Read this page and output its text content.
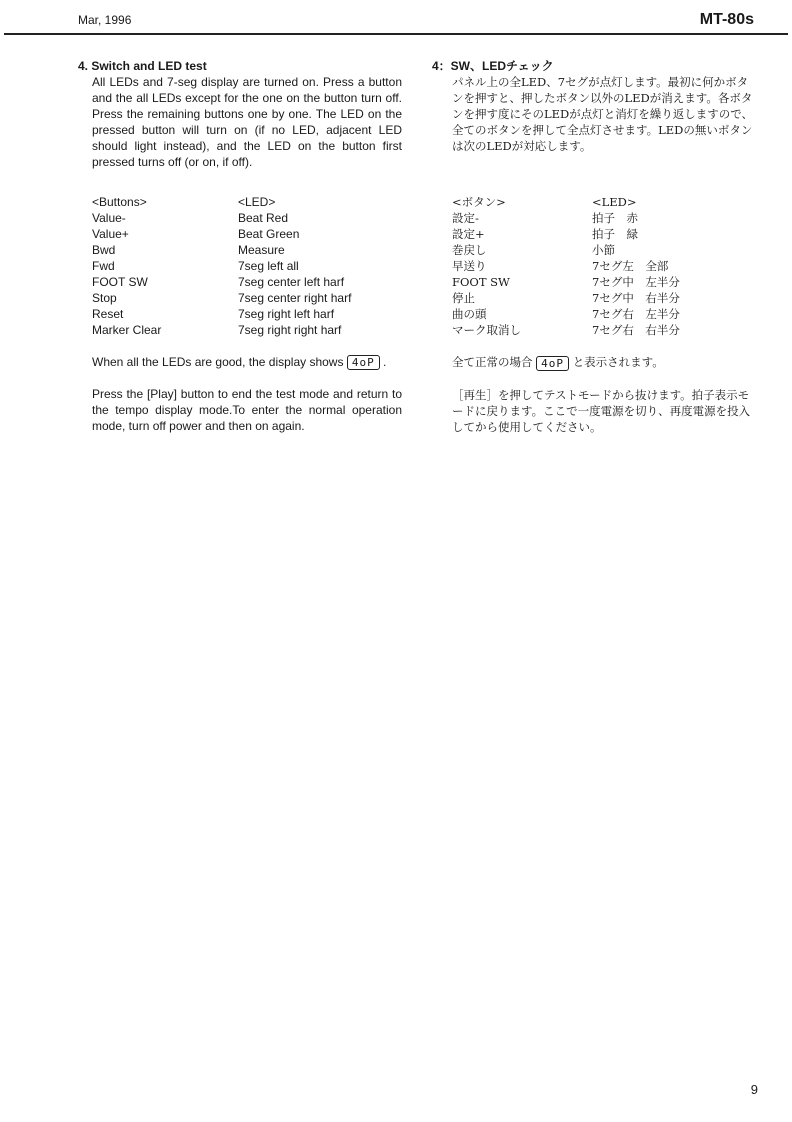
Mar, 1996	MT-80s

4. Switch and LED test

All LEDs and 7-seg display are turned on. Press a button and the all LEDs except for the one on the button turn off. Press the remaining buttons one by one. The LED on the pressed button will turn on (if no LED, adjacent LED should light instead), and the LED on the button first pressed turns off (or on, if off).

<Buttons>	<LED>
Value-	Beat Red
Value+	Beat Green
Bwd	Measure
Fwd	7seg left all
FOOT SW	7seg center left harf
Stop	7seg center right harf
Reset	7seg right left harf
Marker Clear	7seg right right harf

When all the LEDs are good, the display shows 4oP .

Press the [Play] button to end the test mode and return to the tempo display mode.To enter the normal operation mode, turn off power and then on again.

4：SW、LEDチェック

パネル上の全LED、7セグが点灯します。最初に何かボタンを押すと、押したボタン以外のLEDが消えます。各ボタンを押す度にそのLEDが点灯と消灯を繰り返しますので、全てのボタンを押して全点灯させます。LEDの無いボタンは次のLEDが対応します。

<ボタン>	<LED>
設定-	拍子　赤
設定+	拍子　緑
巻戻し	小節
早送り	7セグ左　全部
FOOT SW	7セグ中　左半分
停止	7セグ中　右半分
曲の頭	7セグ右　左半分
マーク取消し	7セグ右　右半分

全て正常の場合 4oP と表示されます。

［再生］を押してテストモードから抜けます。拍子表示モードに戻ります。ここで一度電源を切り、再度電源を投入してから使用してください。

9
